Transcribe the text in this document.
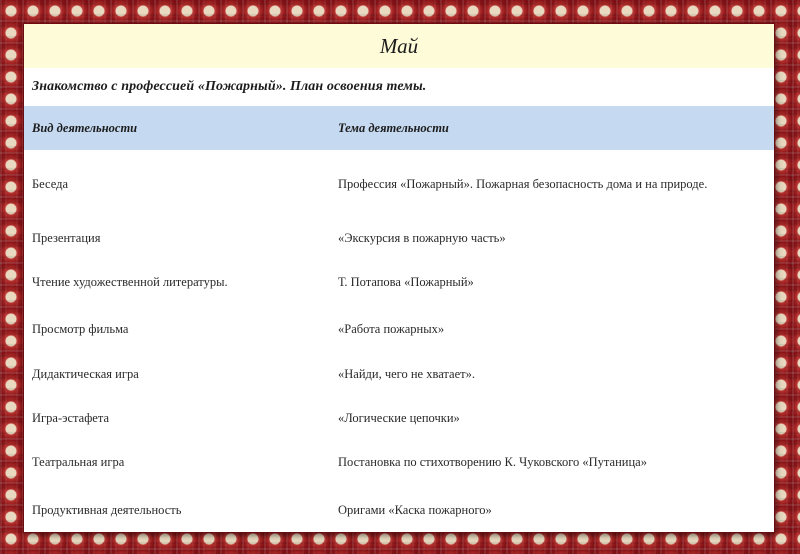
Май
Знакомство с профессией «Пожарный». План освоения темы.
Вид деятельности	Тема деятельности
Беседа	Профессия «Пожарный». Пожарная безопасность дома и на природе.
Презентация	«Экскурсия в пожарную часть»
Чтение художественной литературы.	Т. Потапова «Пожарный»
Просмотр фильма	«Работа пожарных»
Дидактическая игра	«Найди, чего не хватает».
Игра-эстафета	«Логические цепочки»
Театральная игра	Постановка по стихотворению К. Чуковского «Путаница»
Продуктивная деятельность	Оригами «Каска пожарного»
